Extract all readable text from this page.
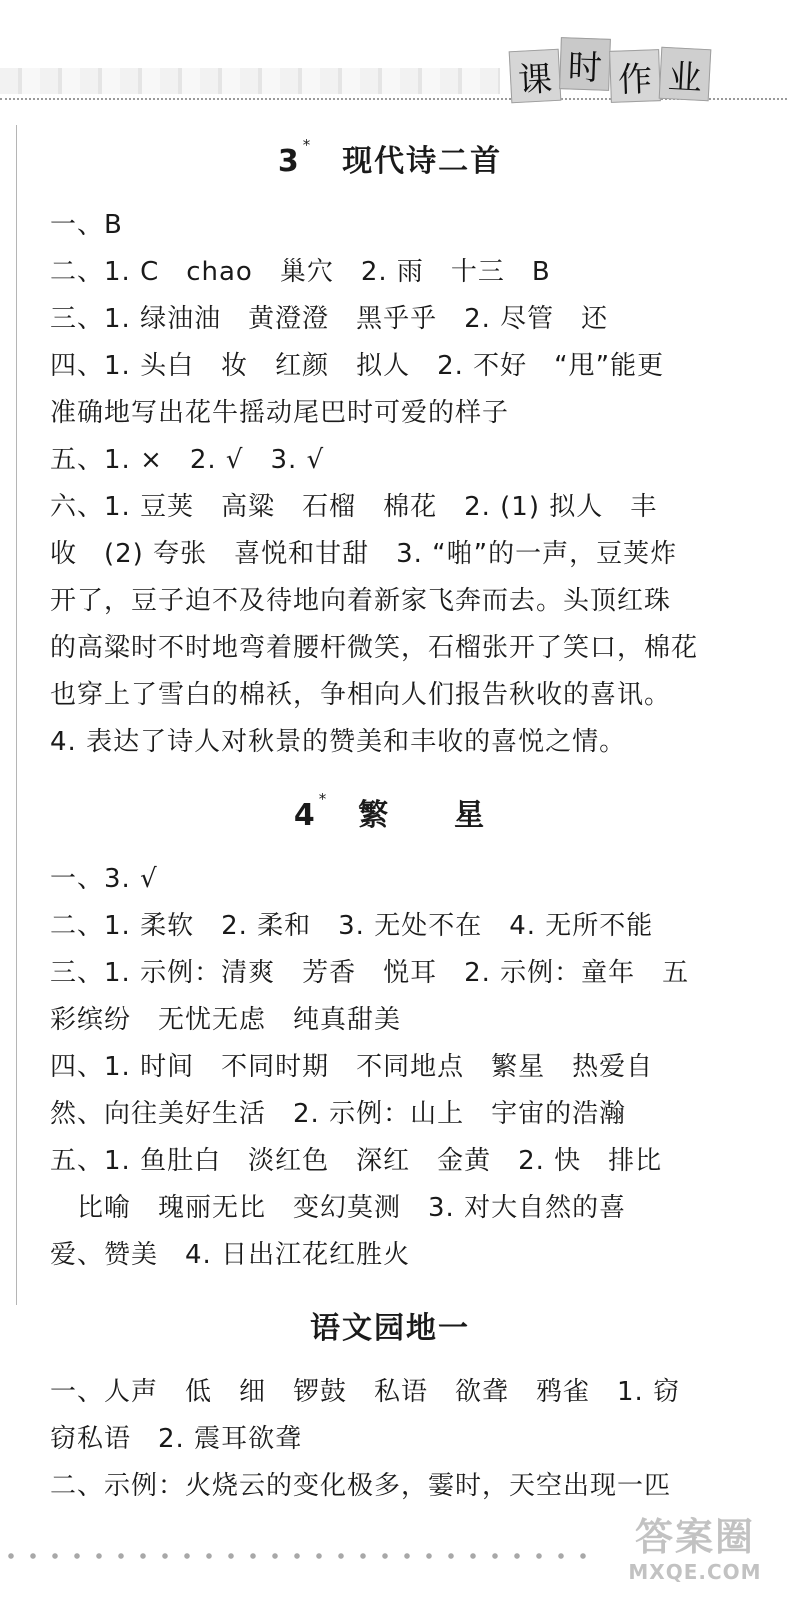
课 时 作 业
3 * 现代诗二首
一、B
二、1. C　chao　巢穴　2. 雨　十三　B
三、1. 绿油油　黄澄澄　黑乎乎　2. 尽管　还
四、1. 头白　妆　红颜　拟人　2. 不好　“甩”能更
准确地写出花牛摇动尾巴时可爱的样子
五、1. ×　2. √　3. √
六、1. 豆荚　高粱　石榴　棉花　2. (1) 拟人　丰
收　(2) 夸张　喜悦和甘甜　3. “啪”的一声，豆荚炸
开了，豆子迫不及待地向着新家飞奔而去。头顶红珠
的高粱时不时地弯着腰杆微笑，石榴张开了笑口，棉花
也穿上了雪白的棉袄，争相向人们报告秋收的喜讯。
4. 表达了诗人对秋景的赞美和丰收的喜悦之情。
4 * 繁　　星
一、3. √
二、1. 柔软　2. 柔和　3. 无处不在　4. 无所不能
三、1. 示例：清爽　芳香　悦耳　2. 示例：童年　五
彩缤纷　无忧无虑　纯真甜美
四、1. 时间　不同时期　不同地点　繁星　热爱自
然、向往美好生活　2. 示例：山上　宇宙的浩瀚
五、1. 鱼肚白　淡红色　深红　金黄　2. 快　排比
　比喻　瑰丽无比　变幻莫测　3. 对大自然的喜
爱、赞美　4. 日出江花红胜火
语文园地一
一、人声　低　细　锣鼓　私语　欲聋　鸦雀　1. 窃
窃私语　2. 震耳欲聋
二、示例：火烧云的变化极多，霎时，天空出现一匹
答案圈
MXQE.COM
